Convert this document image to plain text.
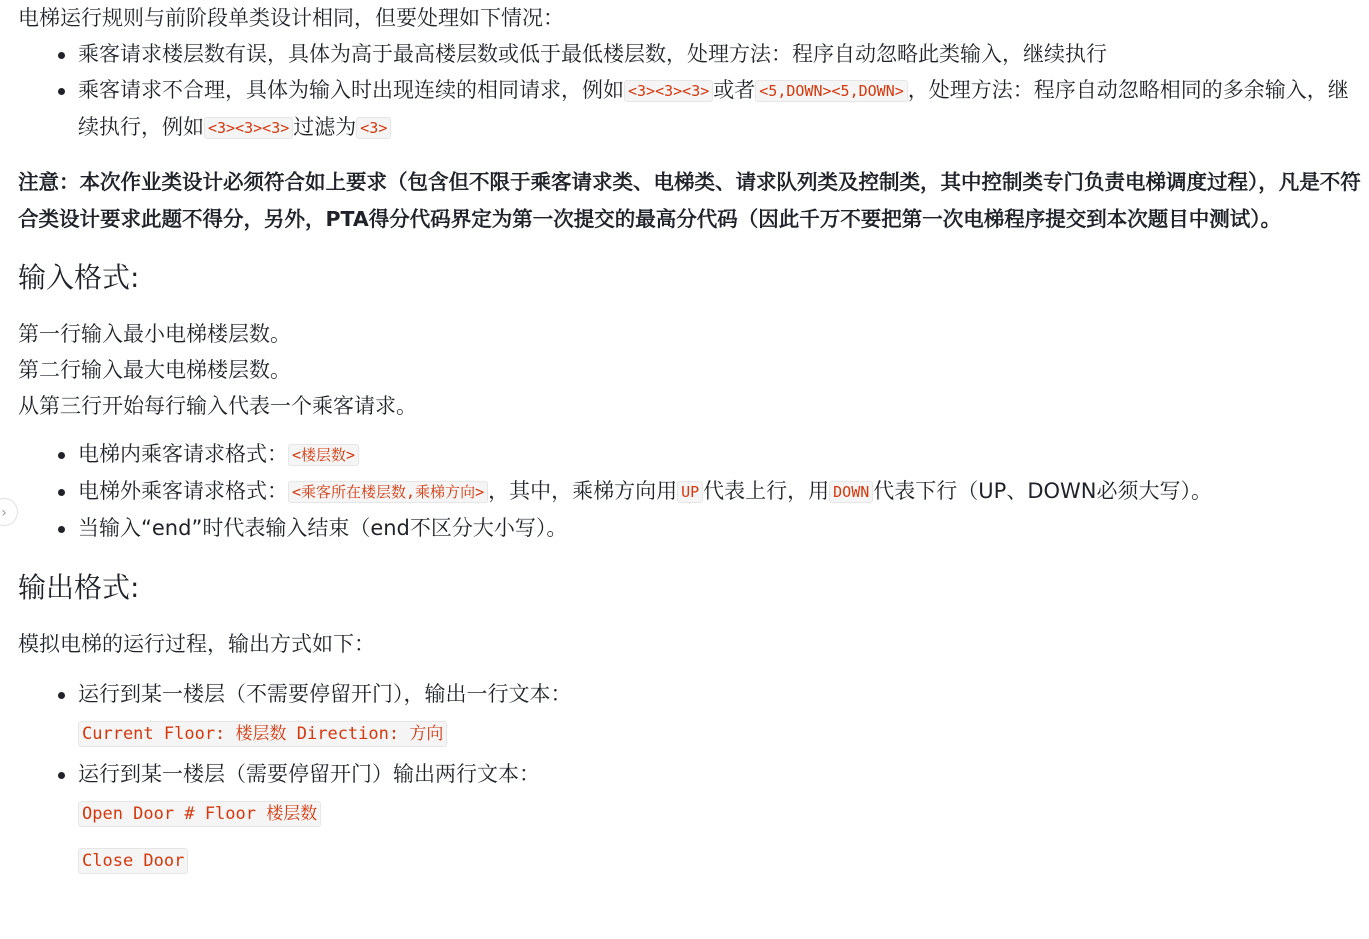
电梯运行规则与前阶段单类设计相同，但要处理如下情况：

乘客请求楼层数有误，具体为高于最高楼层数或低于最低楼层数，处理方法：程序自动忽略此类输入，继续执行
乘客请求不合理，具体为输入时出现连续的相同请求，例如 <3><3><3> 或者 <5,DOWN><5,DOWN> ，处理方法：程序自动忽略相同的多余输入，继续执行，例如 <3><3><3> 过滤为 <3>

注意：本次作业类设计必须符合如上要求（包含但不限于乘客请求类、电梯类、请求队列类及控制类，其中控制类专门负责电梯调度过程），凡是不符合类设计要求此题不得分，另外，PTA得分代码界定为第一次提交的最高分代码（因此千万不要把第一次电梯程序提交到本次题目中测试）。

输入格式:

第一行输入最小电梯楼层数。

第二行输入最大电梯楼层数。

从第三行开始每行输入代表一个乘客请求。

电梯内乘客请求格式： <楼层数>
电梯外乘客请求格式： <乘客所在楼层数,乘梯方向> ，其中，乘梯方向用 UP 代表上行，用 DOWN 代表下行（UP、DOWN必须大写）。
当输入“end”时代表输入结束（end不区分大小写）。
输出格式:

模拟电梯的运行过程，输出方式如下：

运行到某一楼层（不需要停留开门），输出一行文本：
Current Floor: 楼层数 Direction: 方向
运行到某一楼层（需要停留开门）输出两行文本：
Open Door # Floor 楼层数
Close Door
›
